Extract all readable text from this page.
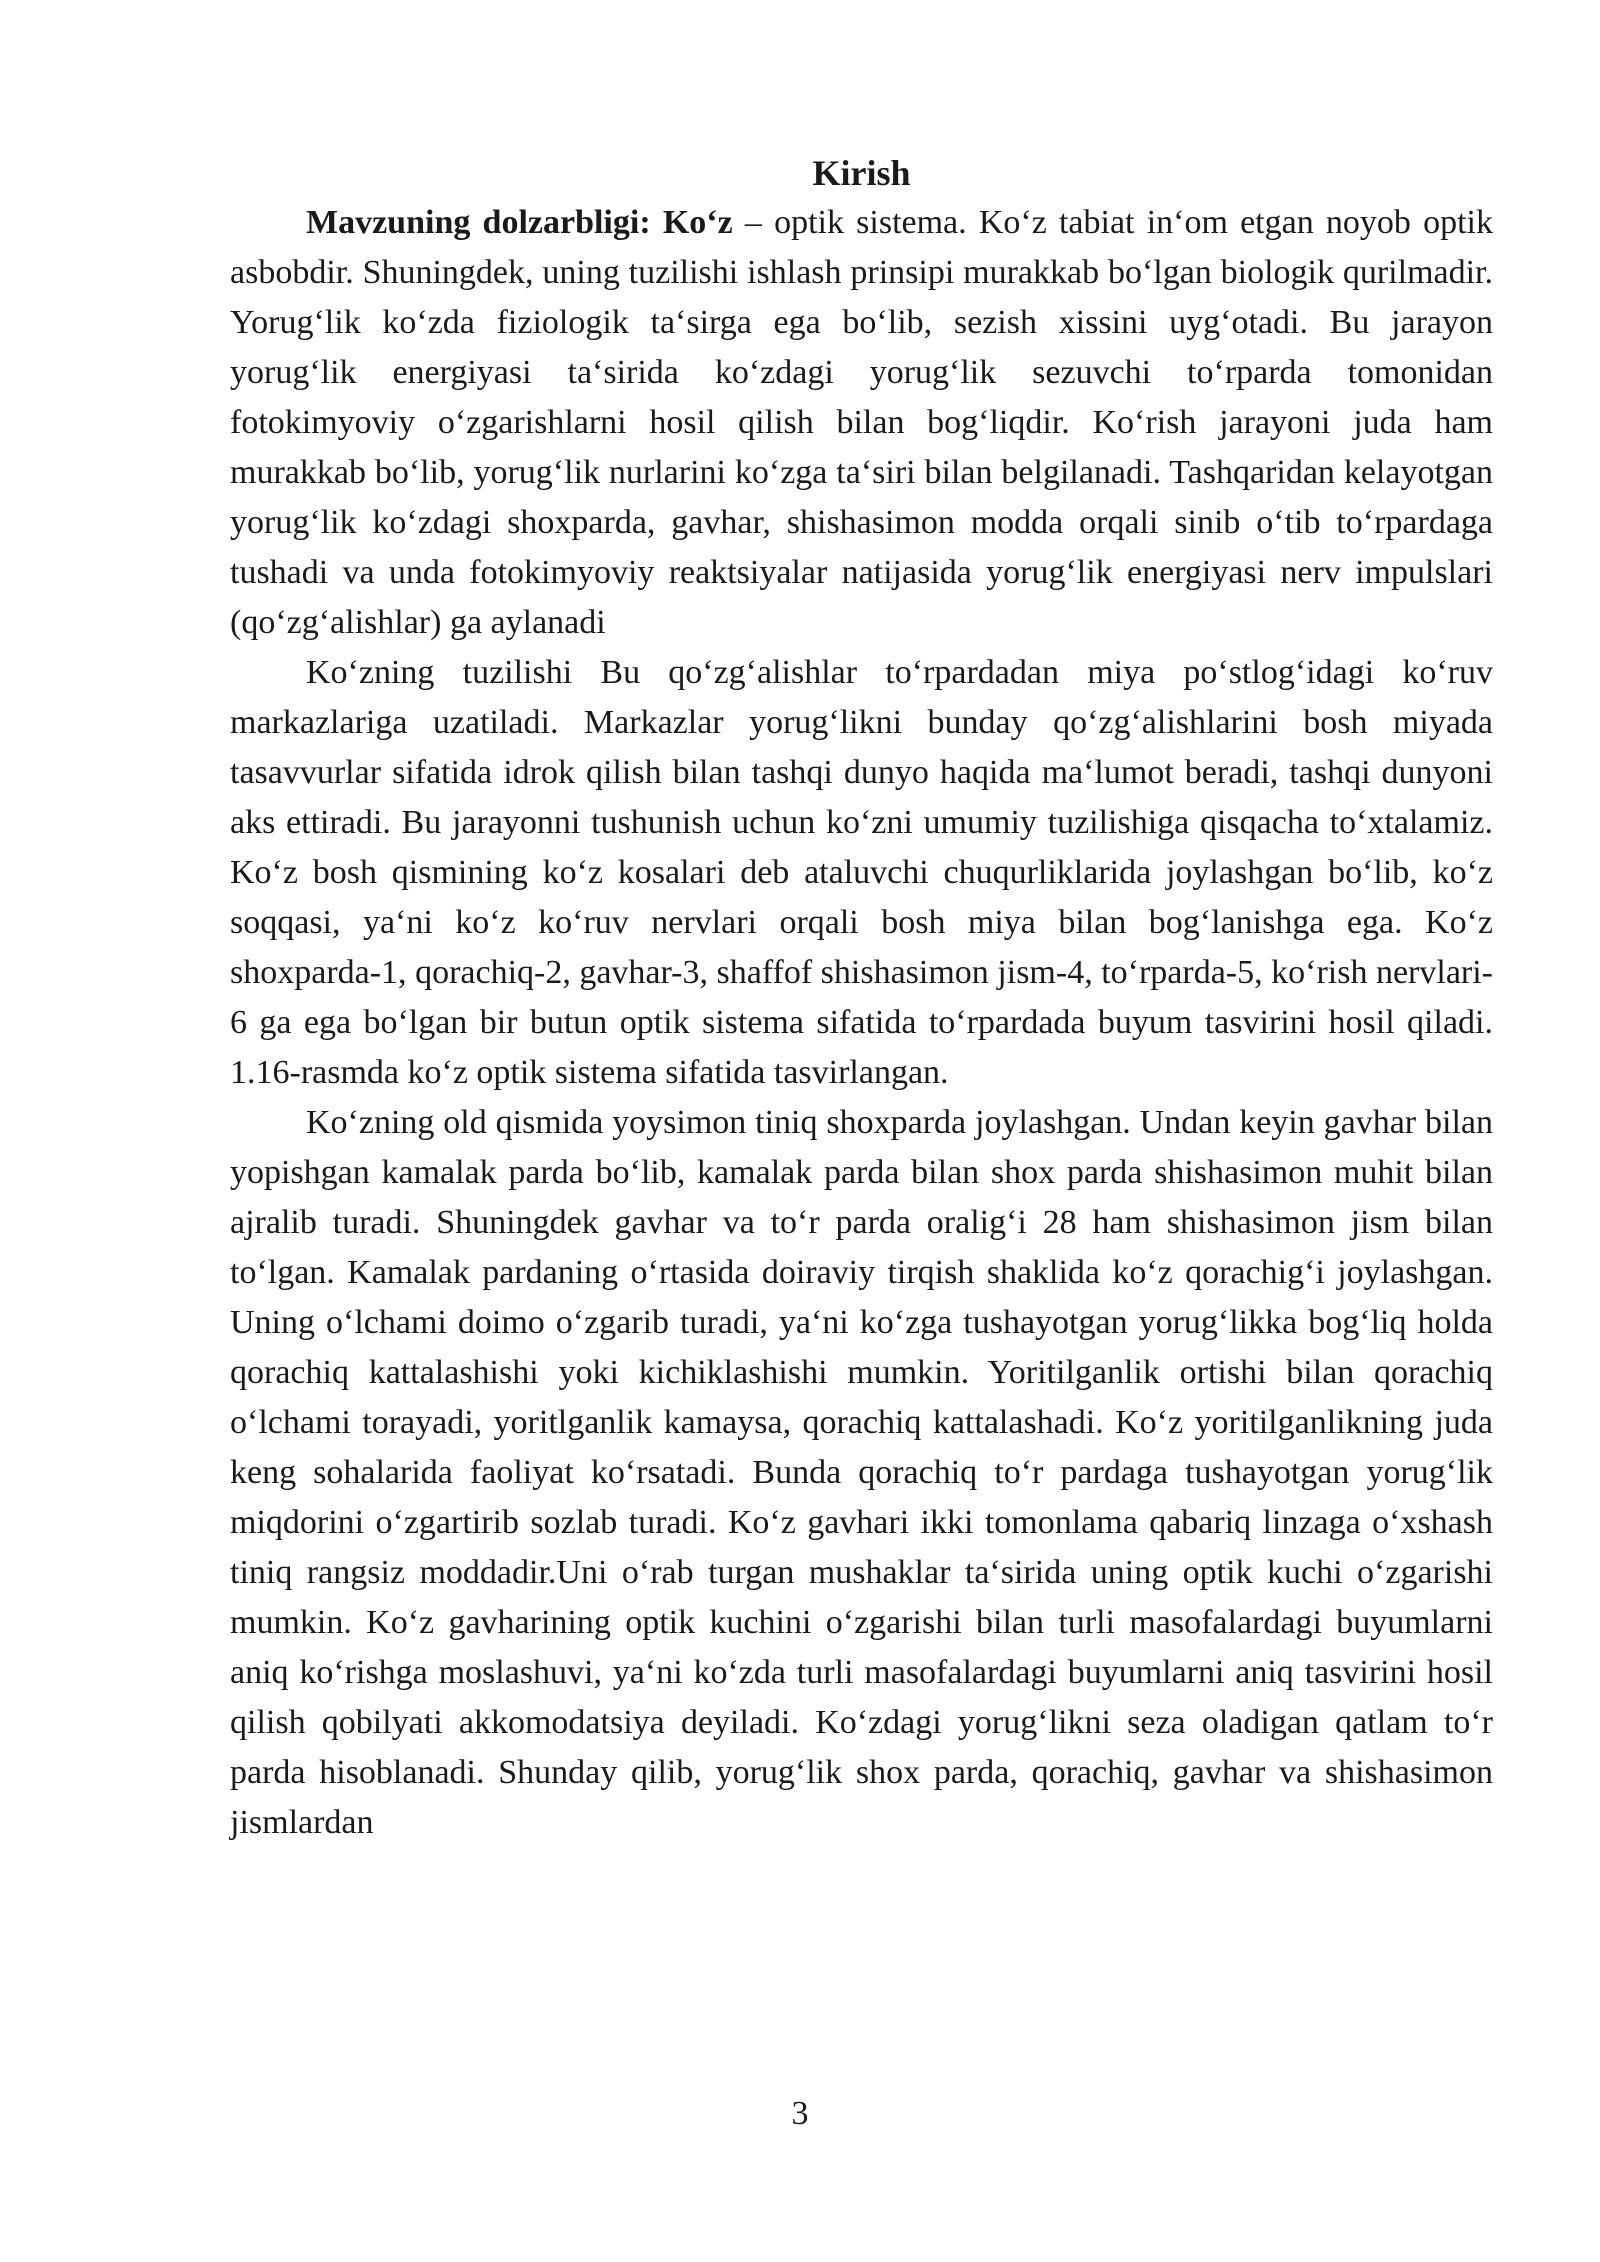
Kirish

Mavzuning dolzarbligi: Ko‘z – optik sistema. Ko‘z tabiat in‘om etgan noyob optik asbobdir. Shuningdek, uning tuzilishi ishlash prinsipi murakkab bo‘lgan biologik qurilmadir. Yorug‘lik ko‘zda fiziologik ta‘sirga ega bo‘lib, sezish xissini uyg‘otadi. Bu jarayon yorug‘lik energiyasi ta‘sirida ko‘zdagi yorug‘lik sezuvchi to‘rparda tomonidan fotokimyoviy o‘zgarishlarni hosil qilish bilan bog‘liqdir. Ko‘rish jarayoni juda ham murakkab bo‘lib, yorug‘lik nurlarini ko‘zga ta‘siri bilan belgilanadi. Tashqaridan kelayotgan yorug‘lik ko‘zdagi shoxparda, gavhar, shishasimon modda orqali sinib o‘tib to‘rpardaga tushadi va unda fotokimyoviy reaktsiyalar natijasida yorug‘lik energiyasi nerv impulslari (qo‘zg‘alishlar) ga aylanadi

Ko‘zning tuzilishi Bu qo‘zg‘alishlar to‘rpardadan miya po‘stlog‘idagi ko‘ruv markazlariga uzatiladi. Markazlar yorug‘likni bunday qo‘zg‘alishlarini bosh miyada tasavvurlar sifatida idrok qilish bilan tashqi dunyo haqida ma‘lumot beradi, tashqi dunyoni aks ettiradi. Bu jarayonni tushunish uchun ko‘zni umumiy tuzilishiga qisqacha to‘xtalamiz. Ko‘z bosh qismining ko‘z kosalari deb ataluvchi chuqurliklarida joylashgan bo‘lib, ko‘z soqqasi, ya‘ni ko‘z ko‘ruv nervlari orqali bosh miya bilan bog‘lanishga ega. Ko‘z shoxparda-1, qorachiq-2, gavhar-3, shaffof shishasimon jism-4, to‘rparda-5, ko‘rish nervlari-6 ga ega bo‘lgan bir butun optik sistema sifatida to‘rpardada buyum tasvirini hosil qiladi. 1.16-rasmda ko‘z optik sistema sifatida tasvirlangan.

Ko‘zning old qismida yoysimon tiniq shoxparda joylashgan. Undan keyin gavhar bilan yopishgan kamalak parda bo‘lib, kamalak parda bilan shox parda shishasimon muhit bilan ajralib turadi. Shuningdek gavhar va to‘r parda oralig‘i 28 ham shishasimon jism bilan to‘lgan. Kamalak pardaning o‘rtasida doiraviy tirqish shaklida ko‘z qorachig‘i joylashgan. Uning o‘lchami doimo o‘zgarib turadi, ya‘ni ko‘zga tushayotgan yorug‘likka bog‘liq holda qorachiq kattalashishi yoki kichiklashishi mumkin. Yoritilganlik ortishi bilan qorachiq o‘lchami torayadi, yoritlganlik kamaysa, qorachiq kattalashadi. Ko‘z yoritilganlikning juda keng sohalarida faoliyat ko‘rsatadi. Bunda qorachiq to‘r pardaga tushayotgan yorug‘lik miqdorini o‘zgartirib sozlab turadi. Ko‘z gavhari ikki tomonlama qabariq linzaga o‘xshash tiniq rangsiz moddadir.Uni o‘rab turgan mushaklar ta‘sirida uning optik kuchi o‘zgarishi mumkin. Ko‘z gavharining optik kuchini o‘zgarishi bilan turli masofalardagi buyumlarni aniq ko‘rishga moslashuvi, ya‘ni ko‘zda turli masofalardagi buyumlarni aniq tasvirini hosil qilish qobilyati akkomodatsiya deyiladi. Ko‘zdagi yorug‘likni seza oladigan qatlam to‘r parda hisoblanadi. Shunday qilib, yorug‘lik shox parda, qorachiq, gavhar va shishasimon jismlardan

3
